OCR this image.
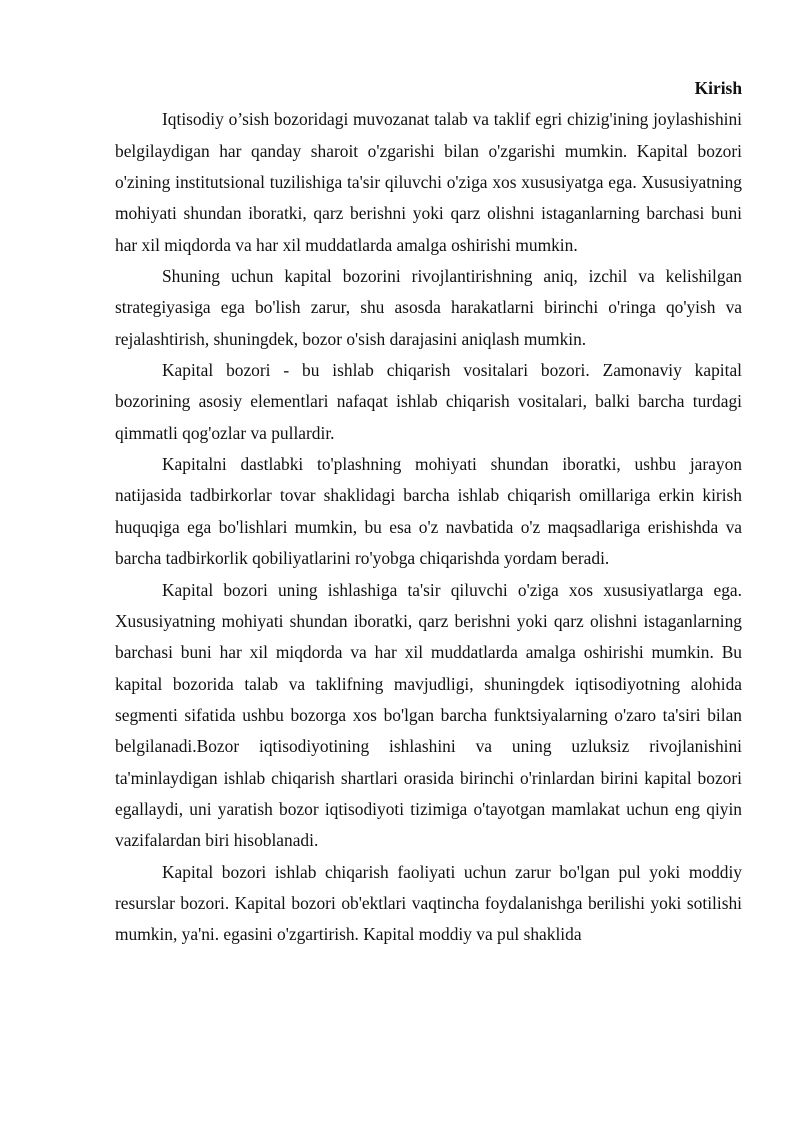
Kirish

Iqtisodiy o’sish bozoridagi muvozanat talab va taklif egri chizig'ining joylashishini belgilaydigan har qanday sharoit o'zgarishi bilan o'zgarishi mumkin. Kapital bozori o'zining institutsional tuzilishiga ta'sir qiluvchi o'ziga xos xususiyatga ega. Xususiyatning mohiyati shundan iboratki, qarz berishni yoki qarz olishni istaganlarning barchasi buni har xil miqdorda va har xil muddatlarda amalga oshirishi mumkin.

Shuning uchun kapital bozorini rivojlantirishning aniq, izchil va kelishilgan strategiyasiga ega bo'lish zarur, shu asosda harakatlarni birinchi o'ringa qo'yish va rejalashtirish, shuningdek, bozor o'sish darajasini aniqlash mumkin.

Kapital bozori - bu ishlab chiqarish vositalari bozori. Zamonaviy kapital bozorining asosiy elementlari nafaqat ishlab chiqarish vositalari, balki barcha turdagi qimmatli qog'ozlar va pullardir.

Kapitalni dastlabki to'plashning mohiyati shundan iboratki, ushbu jarayon natijasida tadbirkorlar tovar shaklidagi barcha ishlab chiqarish omillariga erkin kirish huquqiga ega bo'lishlari mumkin, bu esa o'z navbatida o'z maqsadlariga erishishda va barcha tadbirkorlik qobiliyatlarini ro'yobga chiqarishda yordam beradi.

Kapital bozori uning ishlashiga ta'sir qiluvchi o'ziga xos xususiyatlarga ega. Xususiyatning mohiyati shundan iboratki, qarz berishni yoki qarz olishni istaganlarning barchasi buni har xil miqdorda va har xil muddatlarda amalga oshirishi mumkin. Bu kapital bozorida talab va taklifning mavjudligi, shuningdek iqtisodiyotning alohida segmenti sifatida ushbu bozorga xos bo'lgan barcha funktsiyalarning o'zaro ta'siri bilan belgilanadi.Bozor iqtisodiyotining ishlashini va uning uzluksiz rivojlanishini ta'minlaydigan ishlab chiqarish shartlari orasida birinchi o'rinlardan birini kapital bozori egallaydi, uni yaratish bozor iqtisodiyoti tizimiga o'tayotgan mamlakat uchun eng qiyin vazifalardan biri hisoblanadi.

Kapital bozori ishlab chiqarish faoliyati uchun zarur bo'lgan pul yoki moddiy resurslar bozori. Kapital bozori ob'ektlari vaqtincha foydalanishga berilishi yoki sotilishi mumkin, ya'ni. egasini o'zgartirish. Kapital moddiy va pul shaklida
